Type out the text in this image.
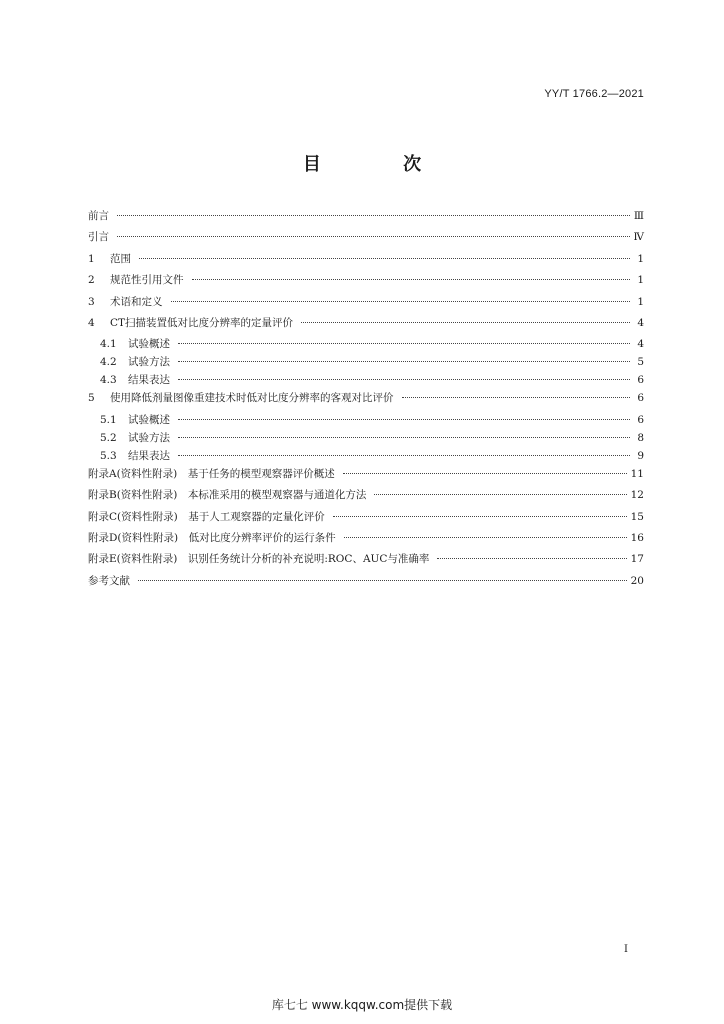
YY/T 1766.2—2021
目 次
前言	Ⅲ
引言	Ⅳ
1	范围	1
2	规范性引用文件	1
3	术语和定义	1
4	CT扫描装置低对比度分辨率的定量评价	4
4.1	试验概述	4
4.2	试验方法	5
4.3	结果表达	6
5	使用降低剂量图像重建技术时低对比度分辨率的客观对比评价	6
5.1	试验概述	6
5.2	试验方法	8
5.3	结果表达	9
附录A(资料性附录)　基于任务的模型观察器评价概述	11
附录B(资料性附录)　本标准采用的模型观察器与通道化方法	12
附录C(资料性附录)　基于人工观察器的定量化评价	15
附录D(资料性附录)　低对比度分辨率评价的运行条件	16
附录E(资料性附录)　识别任务统计分析的补充说明:ROC、AUC与准确率	17
参考文献	20
I
库七七 www.kqqw.com提供下载
